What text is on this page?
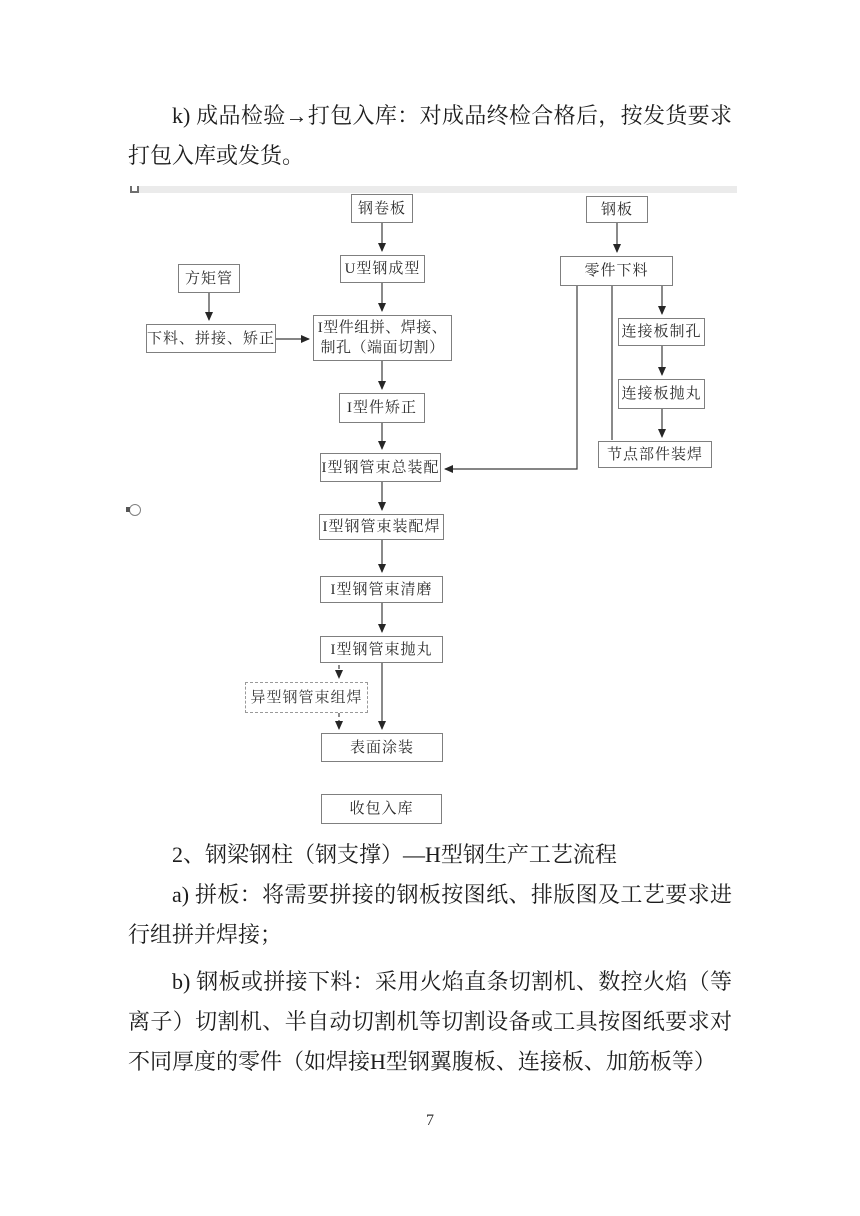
k) 成品检验→打包入库：对成品终检合格后，按发货要求
打包入库或发货。
钢卷板	钢板
方矩管
U型钢成型	零件下料
下料、拼接、矫正
I型件组拼、焊接、
制孔（端面切割）
连接板制孔
连接板抛丸
I型件矫正
节点部件装焊
I型钢管束总装配
I型钢管束装配焊
I型钢管束清磨
I型钢管束抛丸
异型钢管束组焊
表面涂装
收包入库
2、钢梁钢柱（钢支撑）—H型钢生产工艺流程
a) 拼板：将需要拼接的钢板按图纸、排版图及工艺要求进
行组拼并焊接；
b) 钢板或拼接下料：采用火焰直条切割机、数控火焰（等
离子）切割机、半自动切割机等切割设备或工具按图纸要求对
不同厚度的零件（如焊接H型钢翼腹板、连接板、加筋板等）
7
